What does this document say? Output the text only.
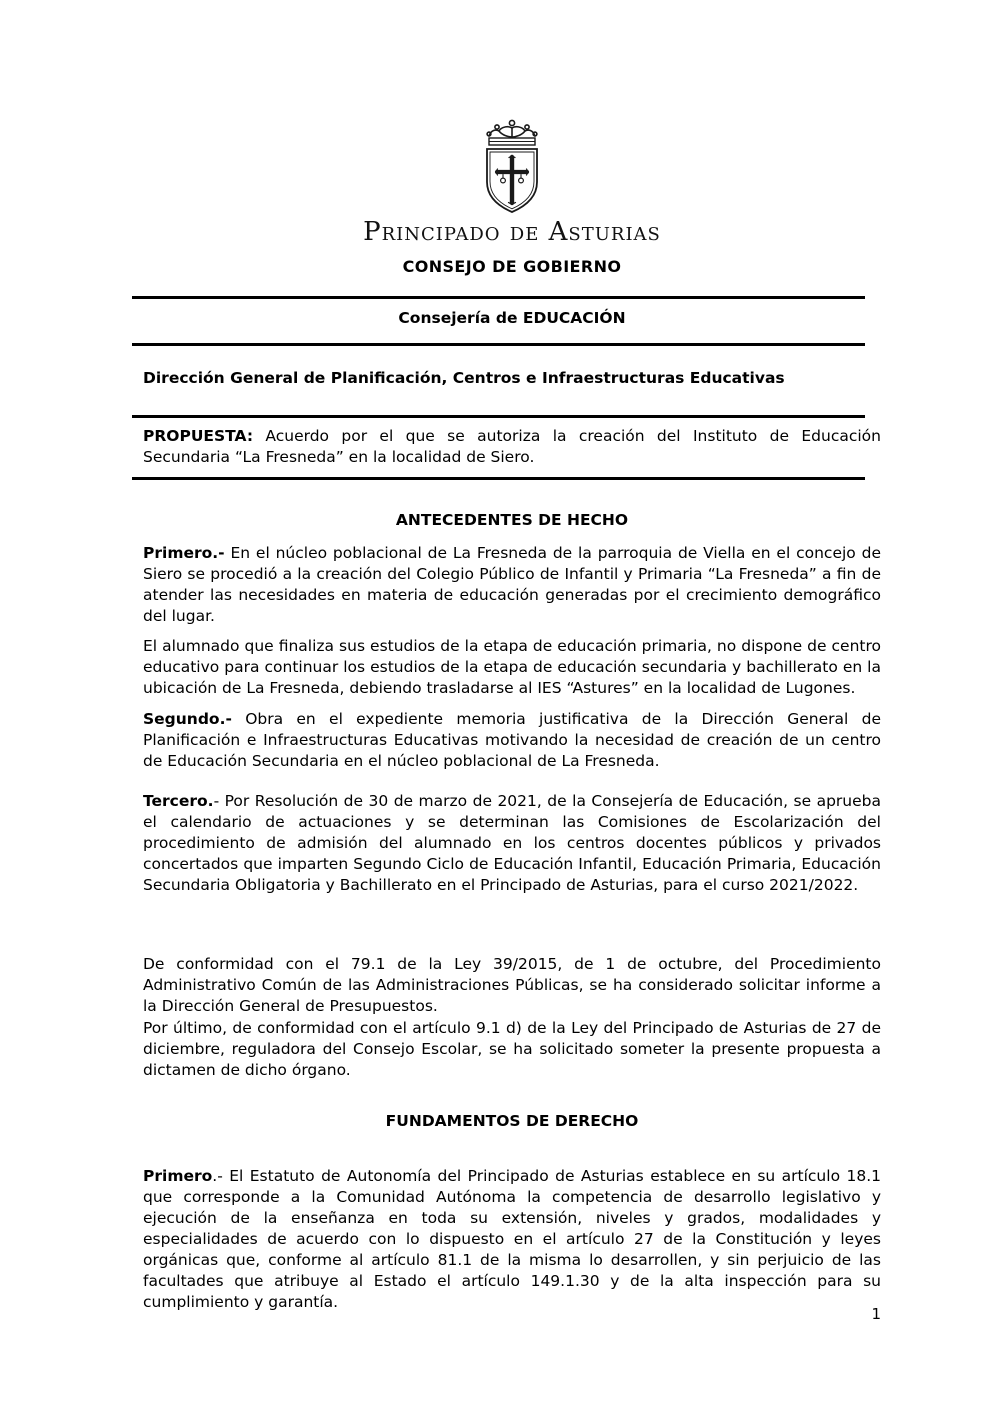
Principado de Asturias
CONSEJO DE GOBIERNO
Consejería de EDUCACIÓN
Dirección General de Planificación, Centros e Infraestructuras Educativas

PROPUESTA: Acuerdo por el que se autoriza la creación del Instituto de Educación Secundaria “La Fresneda” en la localidad de Siero.

ANTECEDENTES DE HECHO

Primero.- En el núcleo poblacional de La Fresneda de la parroquia de Viella en el concejo de Siero se procedió a la creación del Colegio Público de Infantil y Primaria “La Fresneda” a fin de atender las necesidades en materia de educación generadas por el crecimiento demográfico del lugar.

El alumnado que finaliza sus estudios de la etapa de educación primaria, no dispone de centro educativo para continuar los estudios de la etapa de educación secundaria y bachillerato en la ubicación de La Fresneda, debiendo trasladarse al IES “Astures” en la localidad de Lugones.

Segundo.- Obra en el expediente memoria justificativa de la Dirección General de Planificación e Infraestructuras Educativas motivando la necesidad de creación de un centro de Educación Secundaria en el núcleo poblacional de La Fresneda.

Tercero.- Por Resolución de 30 de marzo de 2021, de la Consejería de Educación, se aprueba el calendario de actuaciones y se determinan las Comisiones de Escolarización del procedimiento de admisión del alumnado en los centros docentes públicos y privados concertados que imparten Segundo Ciclo de Educación Infantil, Educación Primaria, Educación Secundaria Obligatoria y Bachillerato en el Principado de Asturias, para el curso 2021/2022.

De conformidad con el 79.1 de la Ley 39/2015, de 1 de octubre, del Procedimiento Administrativo Común de las Administraciones Públicas, se ha considerado solicitar informe a la Dirección General de Presupuestos.

Por último, de conformidad con el artículo 9.1 d) de la Ley del Principado de Asturias de 27 de diciembre, reguladora del Consejo Escolar, se ha solicitado someter la presente propuesta a dictamen de dicho órgano.

FUNDAMENTOS DE DERECHO

Primero.- El Estatuto de Autonomía del Principado de Asturias establece en su artículo 18.1 que corresponde a la Comunidad Autónoma la competencia de desarrollo legislativo y ejecución de la enseñanza en toda su extensión, niveles y grados, modalidades y especialidades de acuerdo con lo dispuesto en el artículo 27 de la Constitución y leyes orgánicas que, conforme al artículo 81.1 de la misma lo desarrollen, y sin perjuicio de las facultades que atribuye al Estado el artículo 149.1.30 y de la alta inspección para su cumplimiento y garantía.

1
